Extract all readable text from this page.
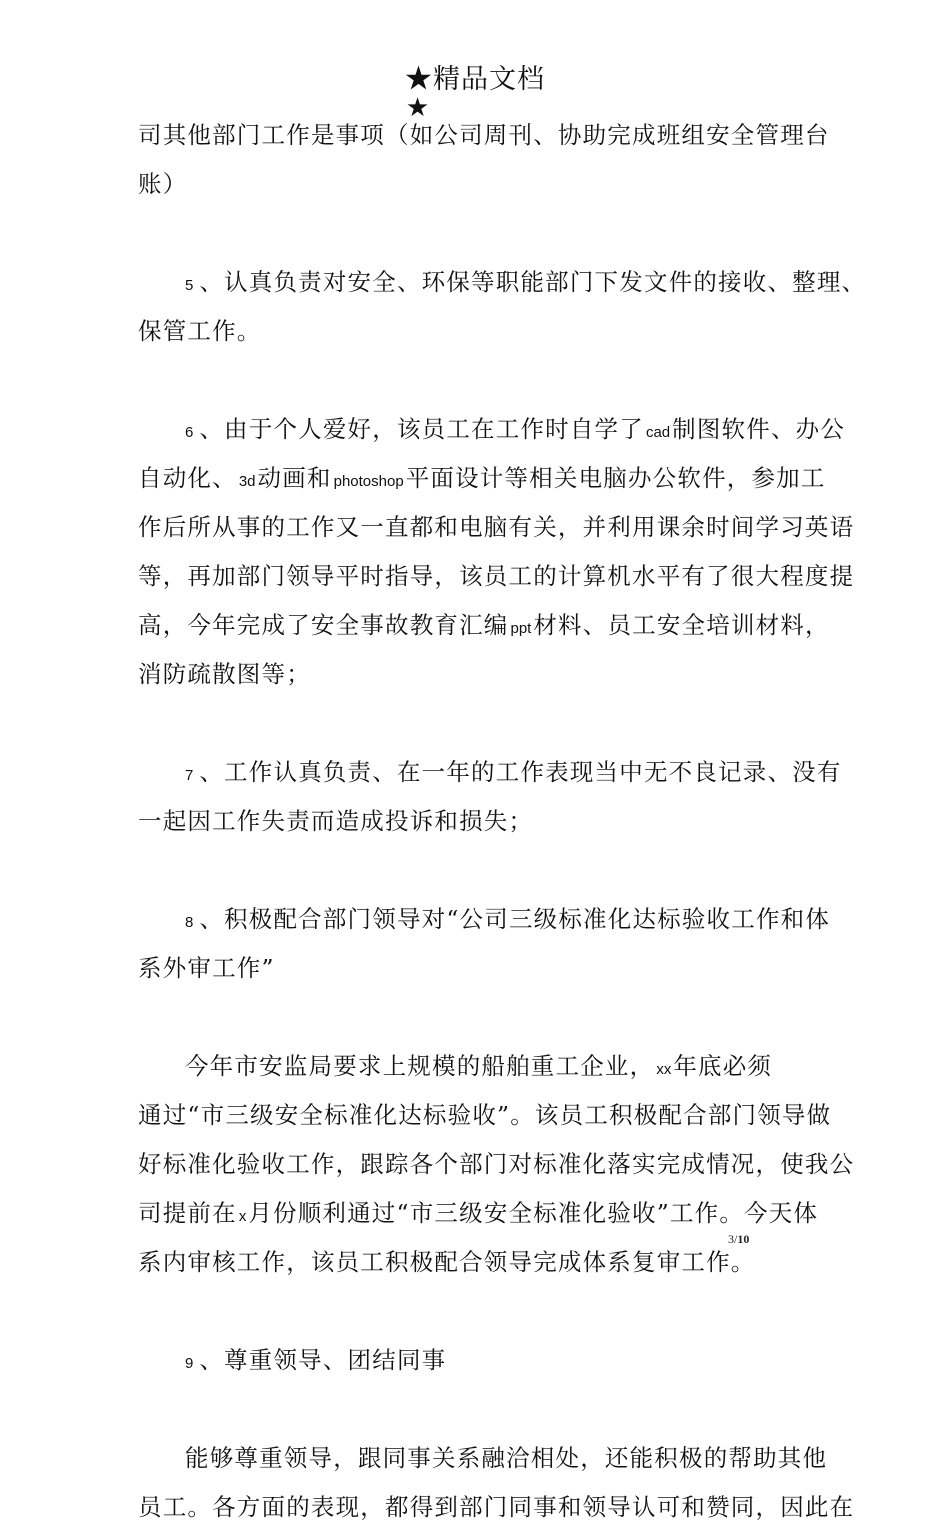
★精品文档
★
司其他部门工作是事项（如公司周刊、协助完成班组安全管理台
账）
5 、认真负责对安全、环保等职能部门下发文件的接收、整理、
保管工作。
6 、由于个人爱好，该员工在工作时自学了 cad制图软件、办公
自动化、 3d动画和 photoshop平面设计等相关电脑办公软件，参加工
作后所从事的工作又一直都和电脑有关，并利用课余时间学习英语
等，再加部门领导平时指导，该员工的计算机水平有了很大程度提
高，今年完成了安全事故教育汇编 ppt材料、员工安全培训材料，
消防疏散图等；
7 、工作认真负责、在一年的工作表现当中无不良记录、没有
一起因工作失责而造成投诉和损失；
8 、积极配合部门领导对“公司三级标准化达标验收工作和体
系外审工作”
今年市安监局要求上规模的船舶重工企业， xx年底必须
通过“市三级安全标准化达标验收”。该员工积极配合部门领导做
好标准化验收工作，跟踪各个部门对标准化落实完成情况，使我公
司提前在 x月份顺利通过“市三级安全标准化验收”工作。今天体
系内审核工作，该员工积极配合领导完成体系复审工作。
9 、尊重领导、团结同事
能够尊重领导，跟同事关系融洽相处，还能积极的帮助其他
员工。各方面的表现，都得到部门同事和领导认可和赞同，因此在
3/10
